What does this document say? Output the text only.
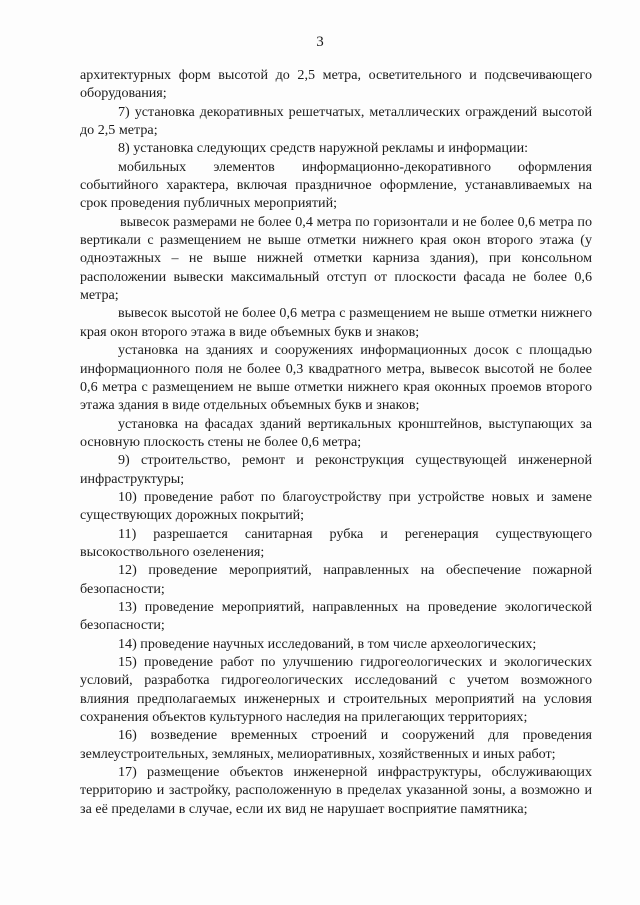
3

архитектурных форм высотой до 2,5 метра, осветительного и подсвечивающего оборудования;

7) установка декоративных решетчатых, металлических ограждений высотой до 2,5 метра;

8) установка следующих средств наружной рекламы и информации:

мобильных элементов информационно-декоративного оформления событийного характера, включая праздничное оформление, устанавливаемых на срок проведения публичных мероприятий;

вывесок размерами не более 0,4 метра по горизонтали и не более 0,6 метра по вертикали с размещением не выше отметки нижнего края окон второго этажа (у одноэтажных – не выше нижней отметки карниза здания), при консольном расположении вывески максимальный отступ от плоскости фасада не более 0,6 метра;

вывесок высотой не более 0,6 метра с размещением не выше отметки нижнего края окон второго этажа в виде объемных букв и знаков;

установка на зданиях и сооружениях информационных досок с площадью информационного поля не более 0,3 квадратного метра, вывесок высотой не более 0,6 метра с размещением не выше отметки нижнего края оконных проемов второго этажа здания в виде отдельных объемных букв и знаков;

установка на фасадах зданий вертикальных кронштейнов, выступающих за основную плоскость стены не более 0,6 метра;

9) строительство, ремонт и реконструкция существующей инженерной инфраструктуры;

10) проведение работ по благоустройству при устройстве новых и замене существующих дорожных покрытий;

11) разрешается санитарная рубка и регенерация существующего высокоствольного озеленения;

12) проведение мероприятий, направленных на обеспечение пожарной безопасности;

13) проведение мероприятий, направленных на проведение экологической безопасности;

14) проведение научных исследований, в том числе археологических;

15) проведение работ по улучшению гидрогеологических и экологических условий, разработка гидрогеологических исследований с учетом возможного влияния предполагаемых инженерных и строительных мероприятий на условия сохранения объектов культурного наследия на прилегающих территориях;

16) возведение временных строений и сооружений для проведения землеустроительных, земляных, мелиоративных, хозяйственных и иных работ;

17) размещение объектов инженерной инфраструктуры, обслуживающих территорию и застройку, расположенную в пределах указанной зоны, а возможно и за её пределами в случае, если их вид не нарушает восприятие памятника;
